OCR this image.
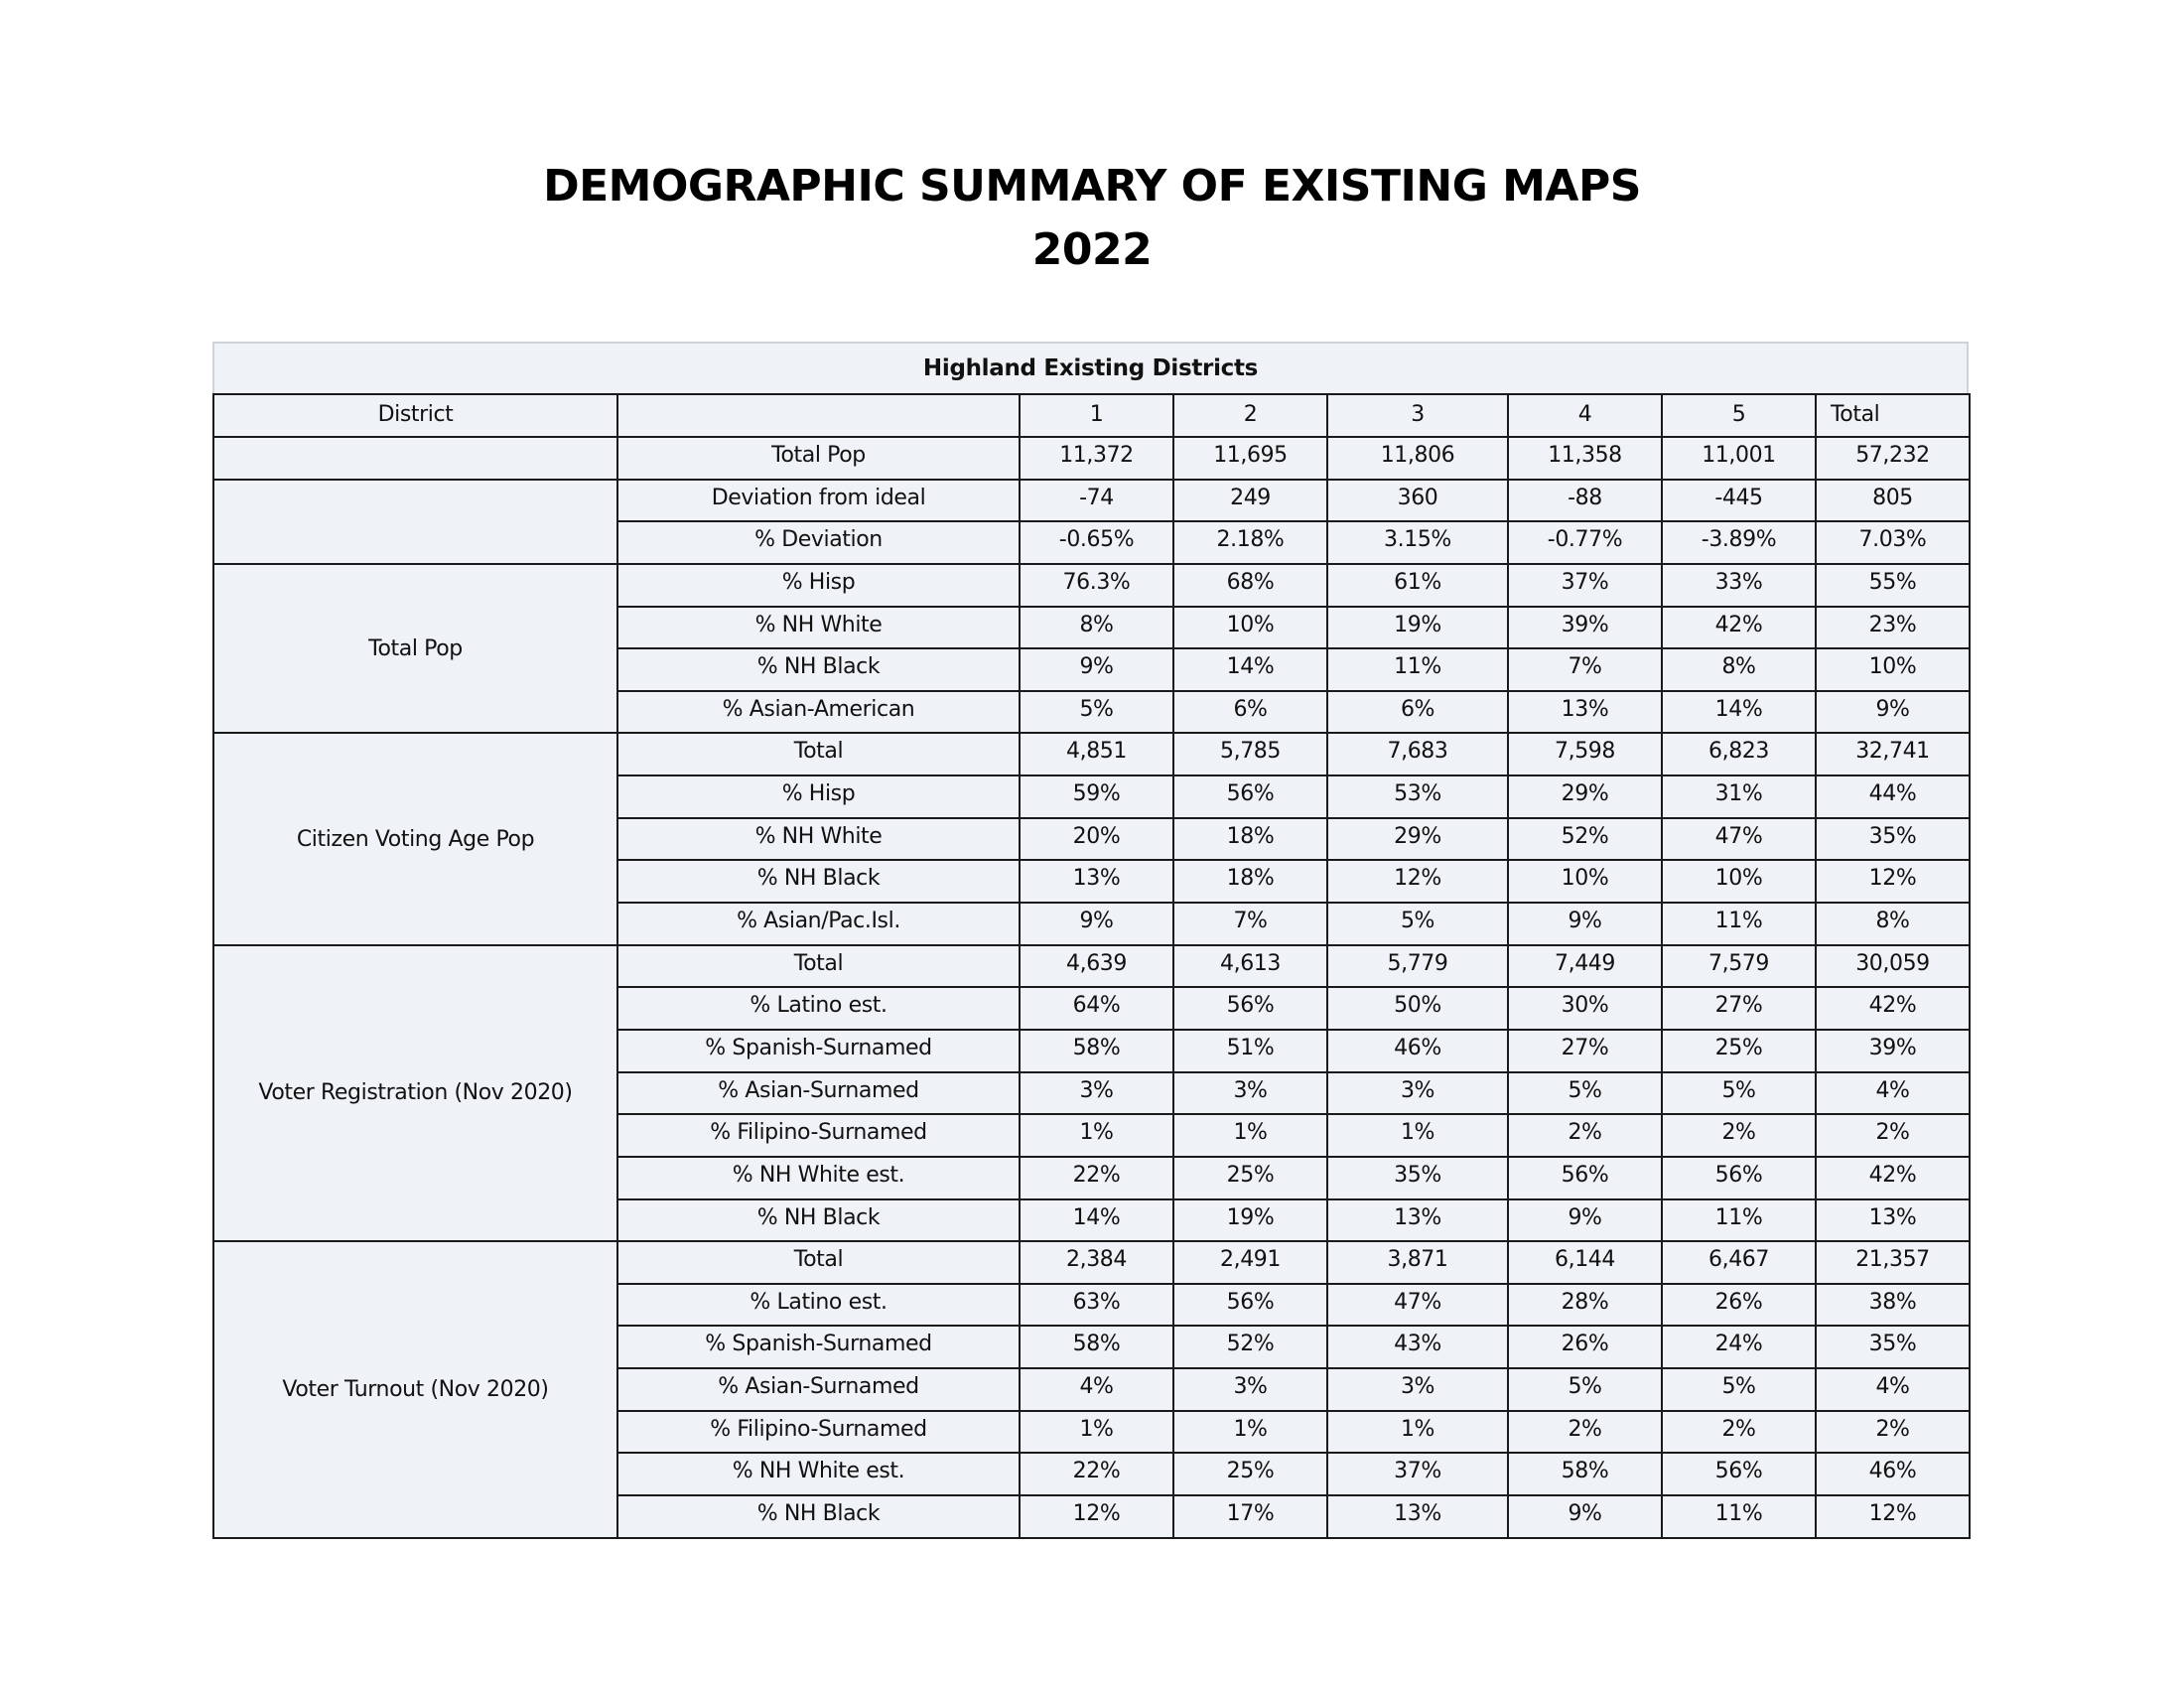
DEMOGRAPHIC SUMMARY OF EXISTING MAPS
2022
Highland Existing Districts
District		1	2	3	4	5	Total
	Total Pop	11,372	11,695	11,806	11,358	11,001	57,232
	Deviation from ideal	-74	249	360	-88	-445	805
	% Deviation	-0.65%	2.18%	3.15%	-0.77%	-3.89%	7.03%
Total Pop	% Hisp	76.3%	68%	61%	37%	33%	55%
	% NH White	8%	10%	19%	39%	42%	23%
	% NH Black	9%	14%	11%	7%	8%	10%
	% Asian-American	5%	6%	6%	13%	14%	9%
Citizen Voting Age Pop	Total	4,851	5,785	7,683	7,598	6,823	32,741
	% Hisp	59%	56%	53%	29%	31%	44%
	% NH White	20%	18%	29%	52%	47%	35%
	% NH Black	13%	18%	12%	10%	10%	12%
	% Asian/Pac.Isl.	9%	7%	5%	9%	11%	8%
Voter Registration (Nov 2020)	Total	4,639	4,613	5,779	7,449	7,579	30,059
	% Latino est.	64%	56%	50%	30%	27%	42%
	% Spanish-Surnamed	58%	51%	46%	27%	25%	39%
	% Asian-Surnamed	3%	3%	3%	5%	5%	4%
	% Filipino-Surnamed	1%	1%	1%	2%	2%	2%
	% NH White est.	22%	25%	35%	56%	56%	42%
	% NH Black	14%	19%	13%	9%	11%	13%
Voter Turnout (Nov 2020)	Total	2,384	2,491	3,871	6,144	6,467	21,357
	% Latino est.	63%	56%	47%	28%	26%	38%
	% Spanish-Surnamed	58%	52%	43%	26%	24%	35%
	% Asian-Surnamed	4%	3%	3%	5%	5%	4%
	% Filipino-Surnamed	1%	1%	1%	2%	2%	2%
	% NH White est.	22%	25%	37%	58%	56%	46%
	% NH Black	12%	17%	13%	9%	11%	12%
